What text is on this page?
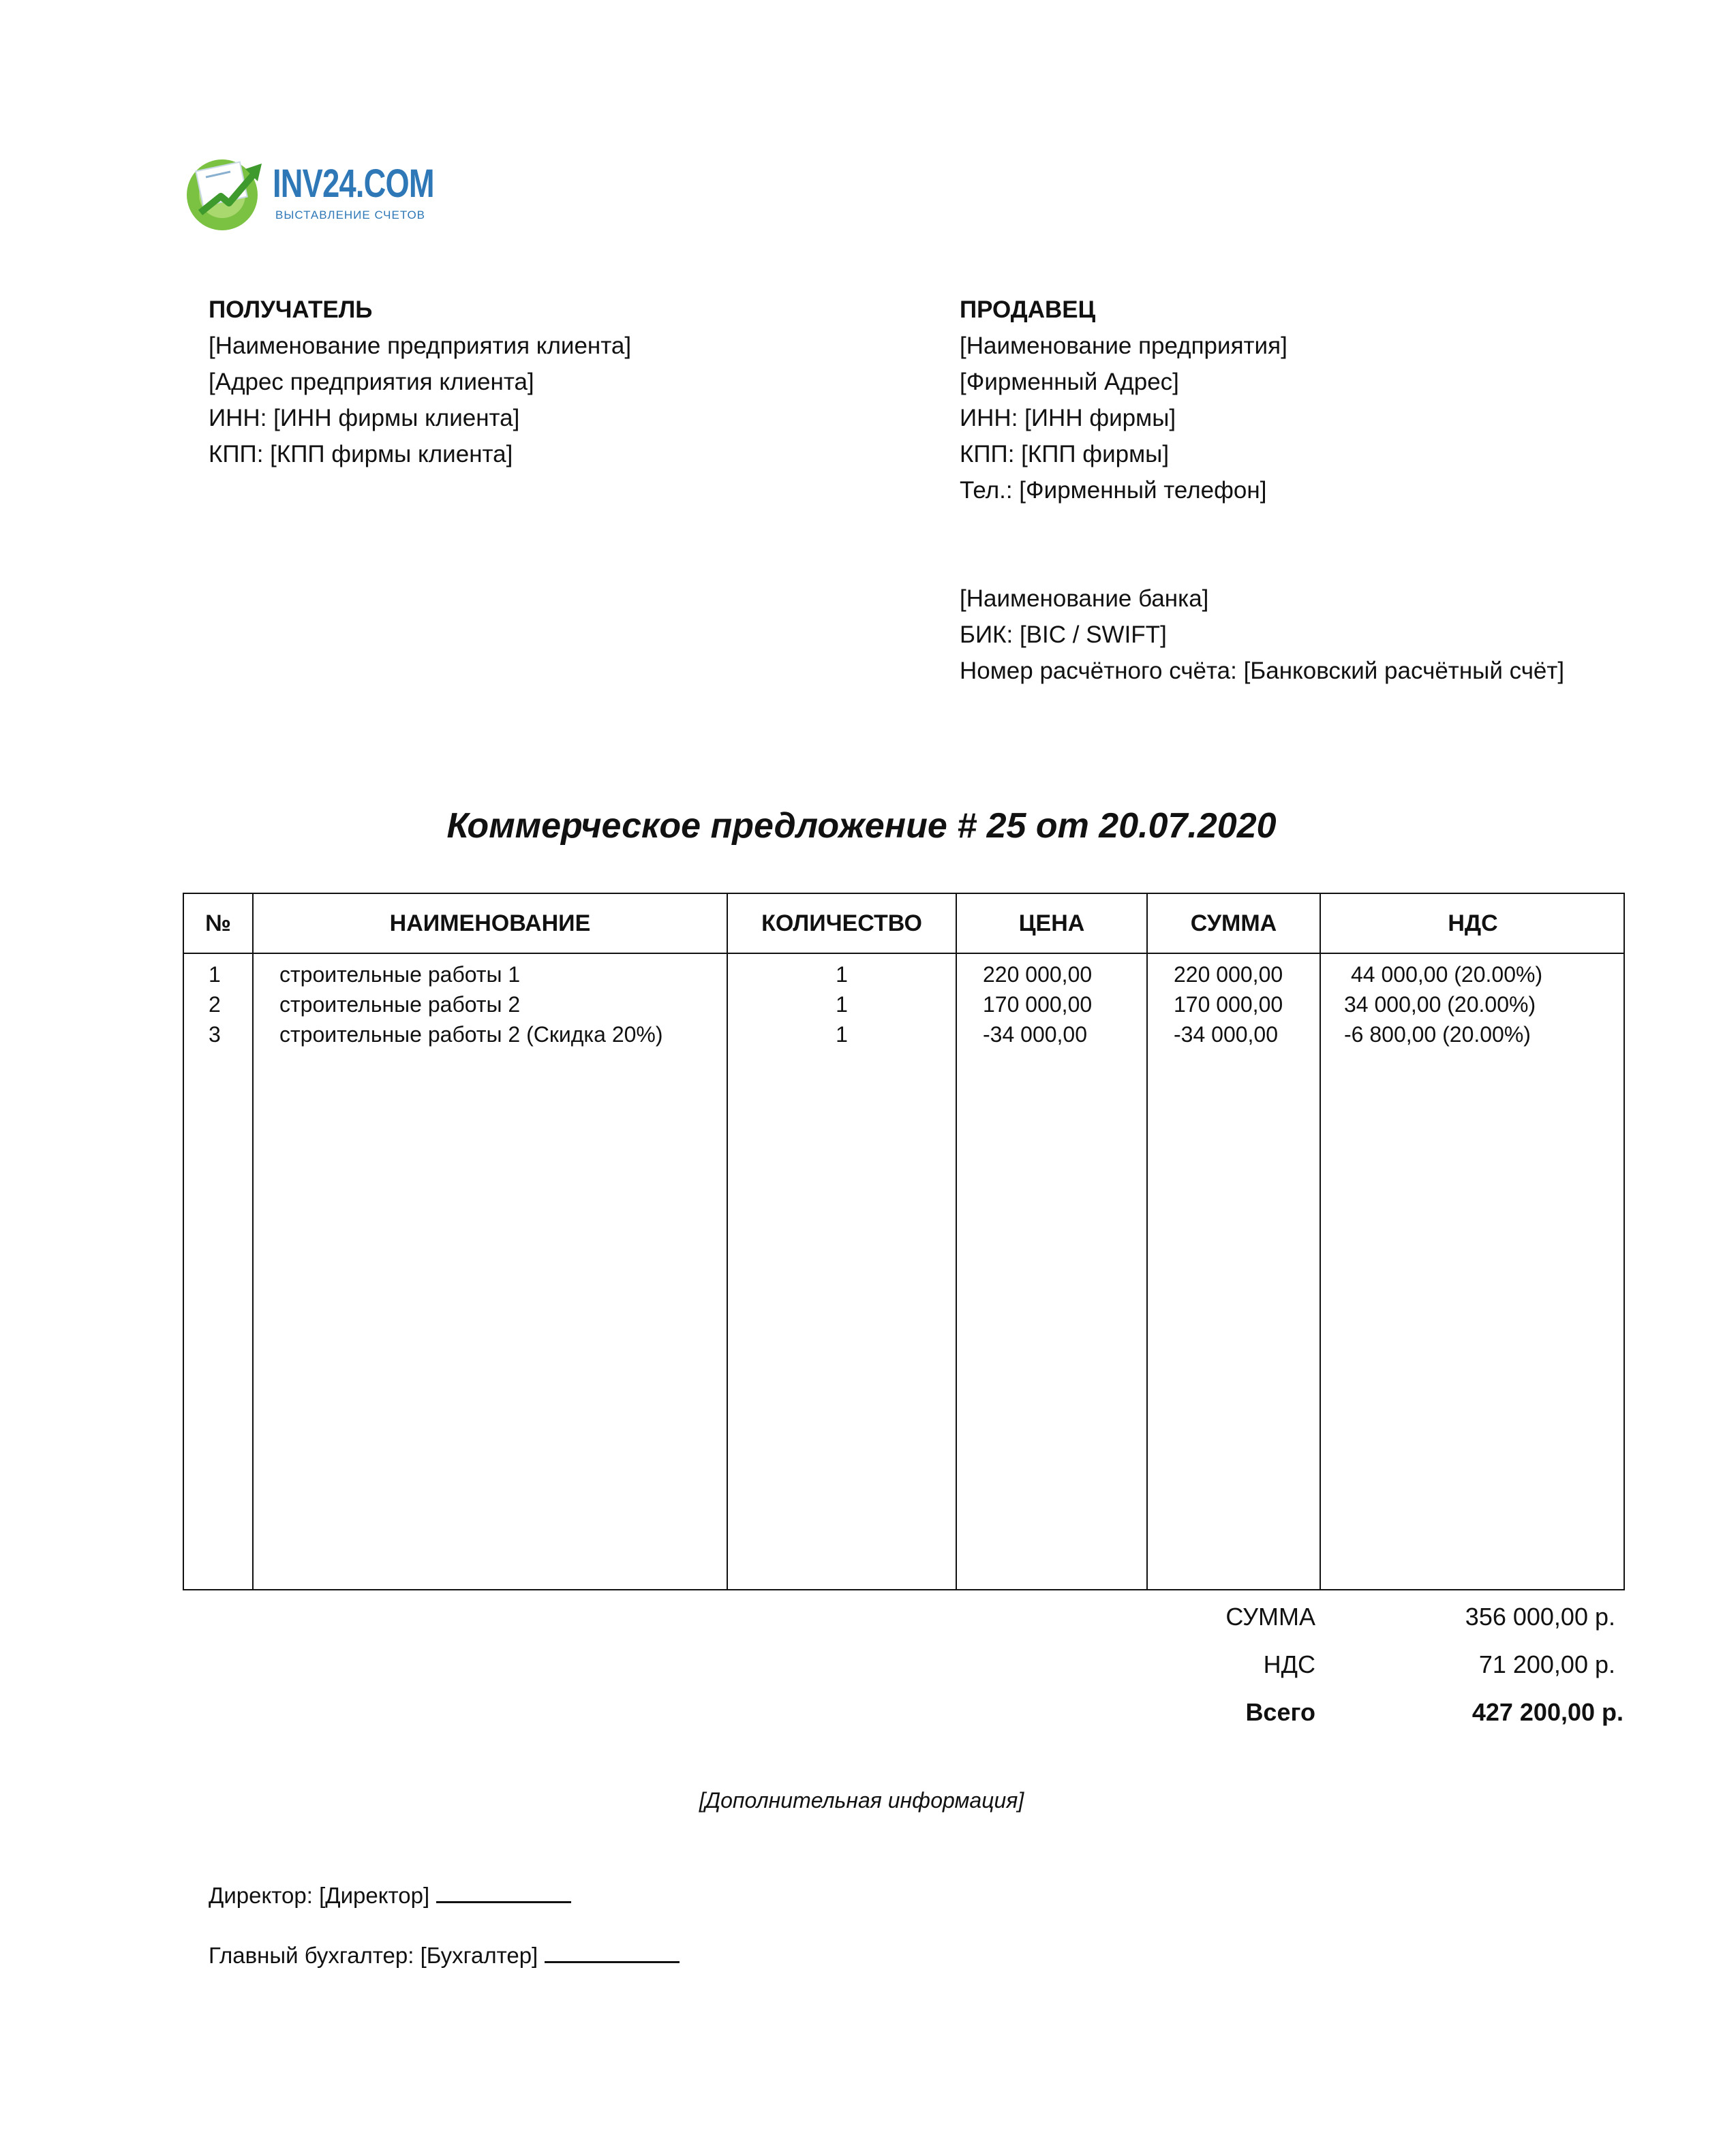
INV24.COM
ВЫСТАВЛЕНИЕ СЧЕТОВ
ПОЛУЧАТЕЛЬ
[Наименование предприятия клиента]
[Адрес предприятия клиента]
ИНН: [ИНН фирмы клиента]
КПП: [КПП фирмы клиента]
ПРОДАВЕЦ
[Наименование предприятия]
[Фирменный Адрес]
ИНН: [ИНН фирмы]
КПП: [КПП фирмы]
Тел.: [Фирменный телефон]
[Наименование банка]
БИК: [BIC / SWIFT]
Номер расчётного счёта: [Банковский расчётный счёт]
Коммерческое предложение # 25 от 20.07.2020
№	НАИМЕНОВАНИЕ	КОЛИЧЕСТВО	ЦЕНА	СУММА	НДС
1	строительные работы 1	1	220 000,00	220 000,00	44 000,00 (20.00%)
2	строительные работы 2	1	170 000,00	170 000,00	34 000,00 (20.00%)
3	строительные работы 2 (Скидка 20%)	1	-34 000,00	-34 000,00	-6 800,00 (20.00%)
СУММА	356 000,00 р.
НДС	71 200,00 р.
Всего	427 200,00 р.
[Дополнительная информация]
Директор: [Директор]
Главный бухгалтер: [Бухгалтер]
